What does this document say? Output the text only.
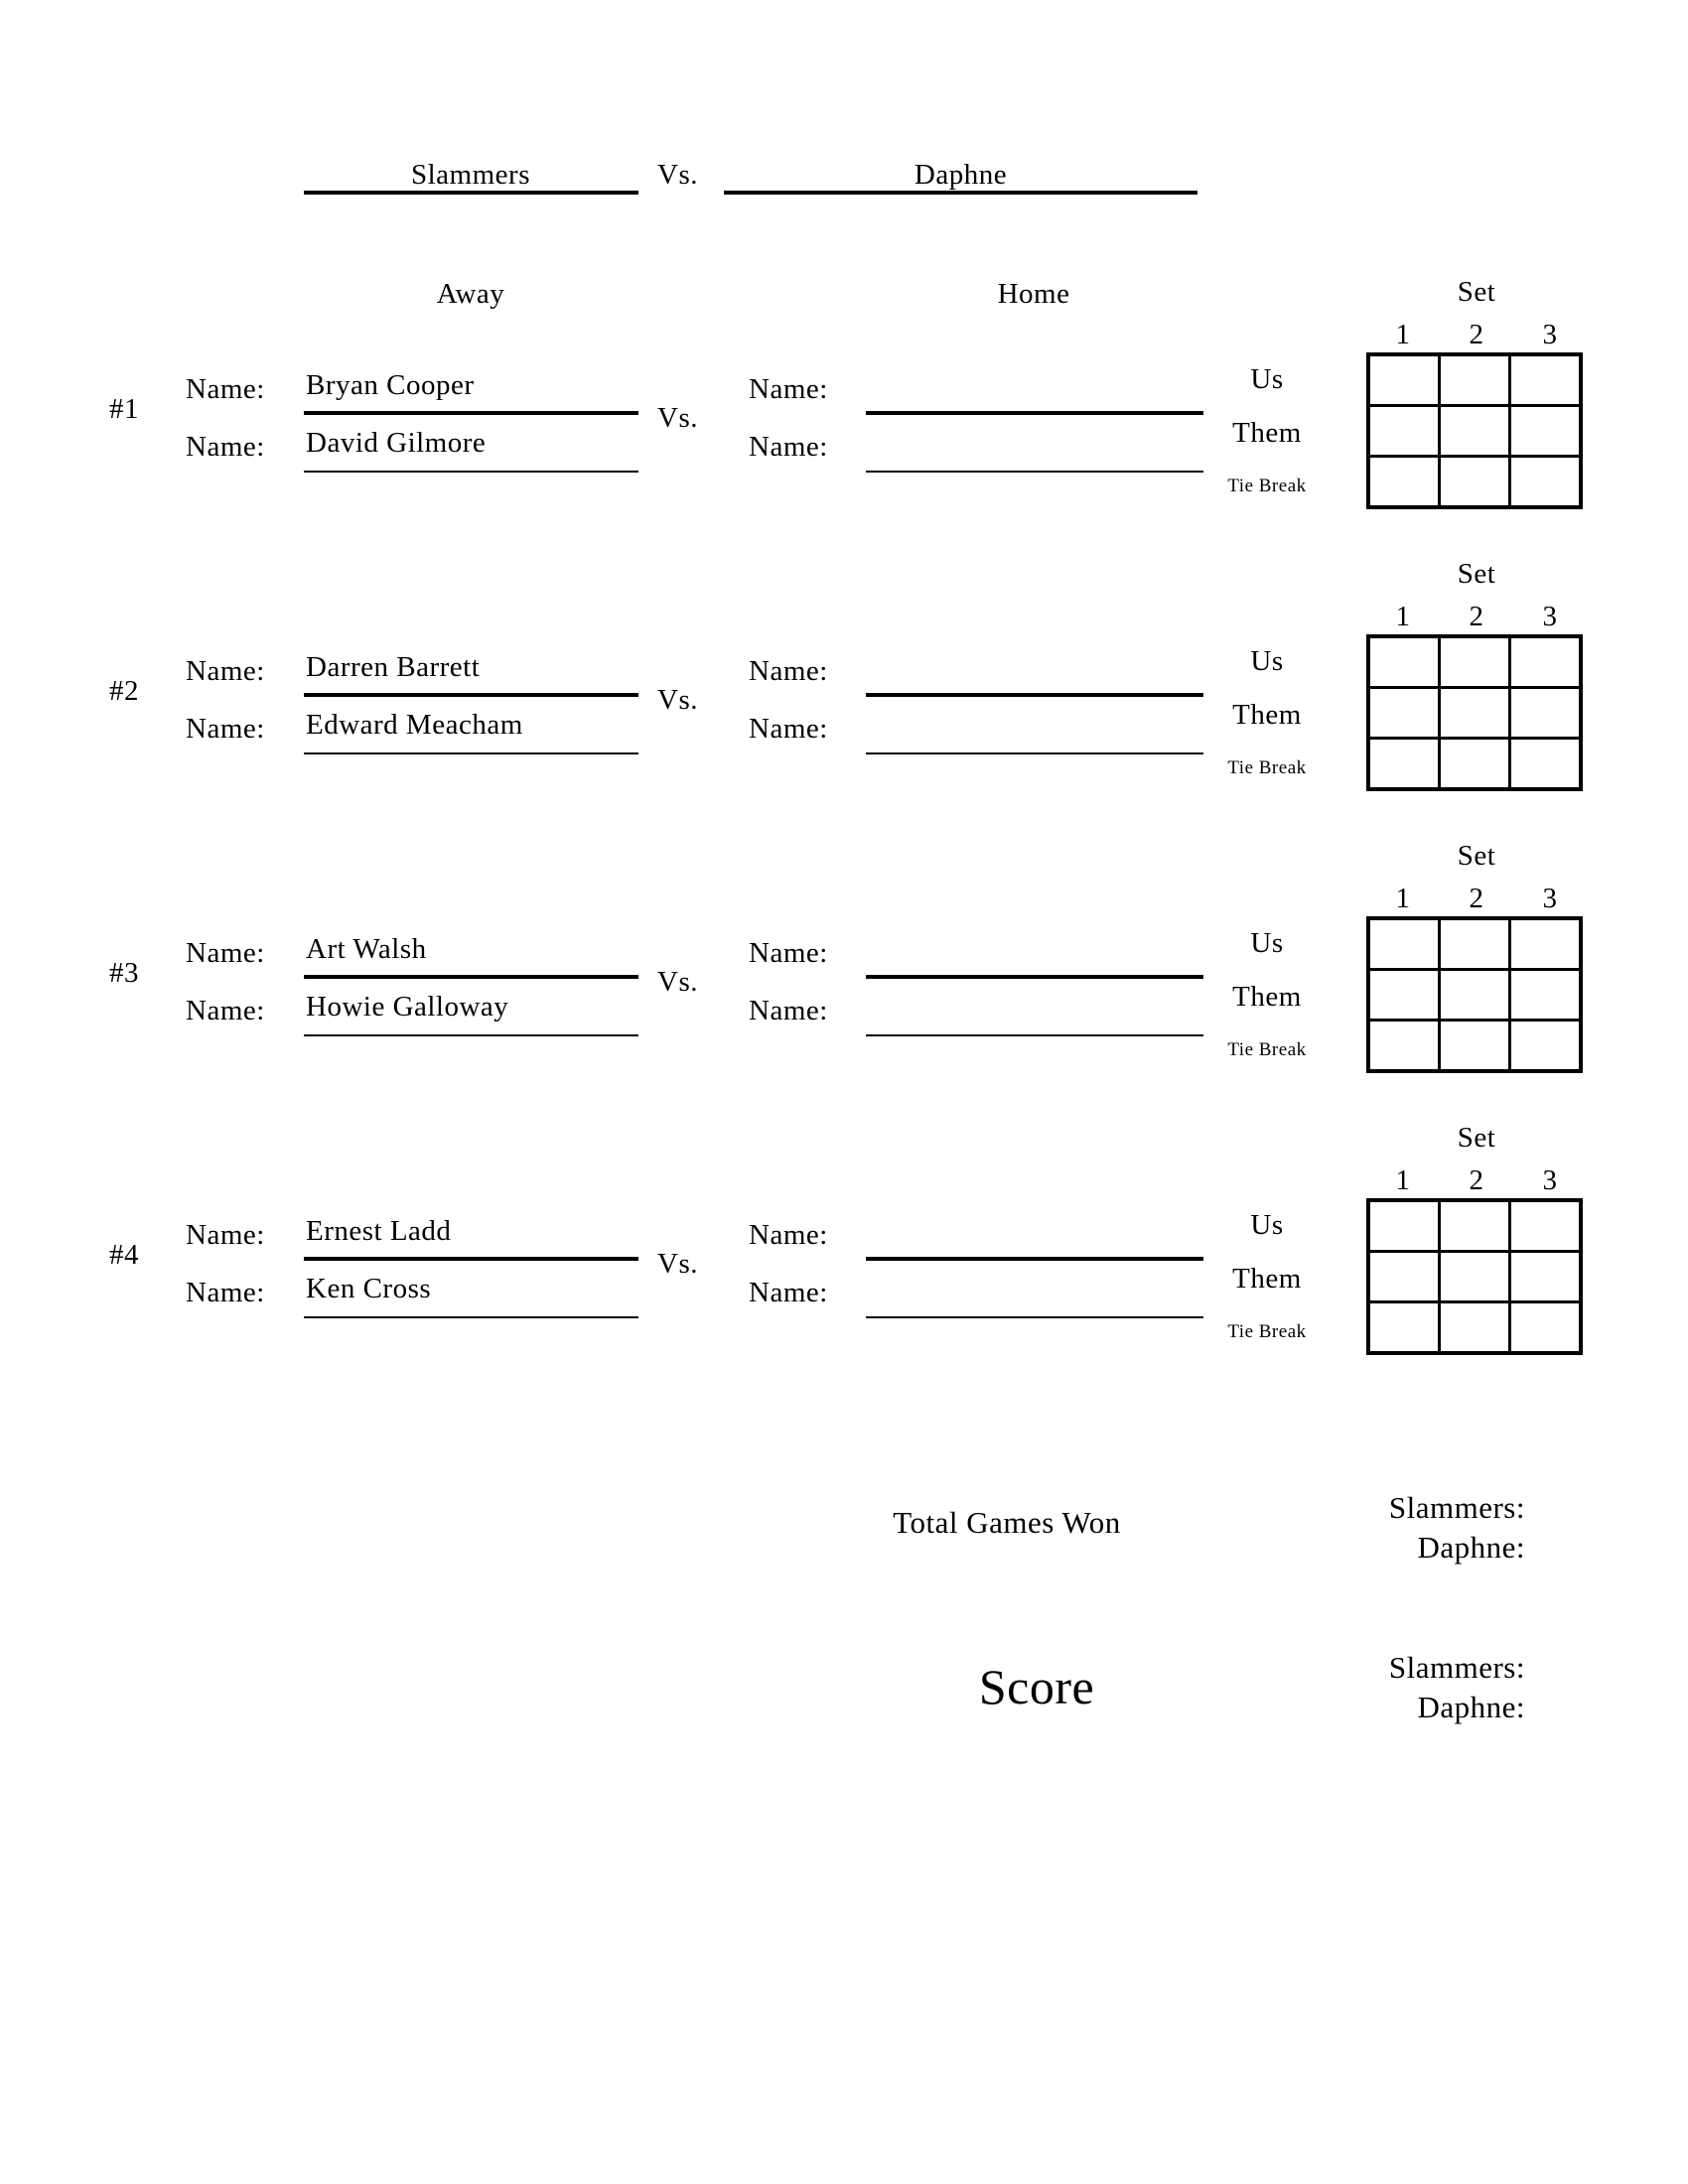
Slammers	Vs.	Daphne
Away	Home
#1
Name: Bryan Cooper
Name: David Gilmore
Vs.
Name:
Name:
Set
1	2	3
Us
Them
Tie Break

#2
Name: Darren Barrett
Name: Edward Meacham
Vs.
Name:
Name:
Set
1	2	3
Us
Them
Tie Break

#3
Name: Art Walsh
Name: Howie Galloway
Vs.
Name:
Name:
Set
1	2	3
Us
Them
Tie Break

#4
Name: Ernest Ladd
Name: Ken Cross
Vs.
Name:
Name:
Set
1	2	3
Us
Them
Tie Break

Total Games Won	Slammers:
Daphne:
Score	Slammers:
Daphne:
